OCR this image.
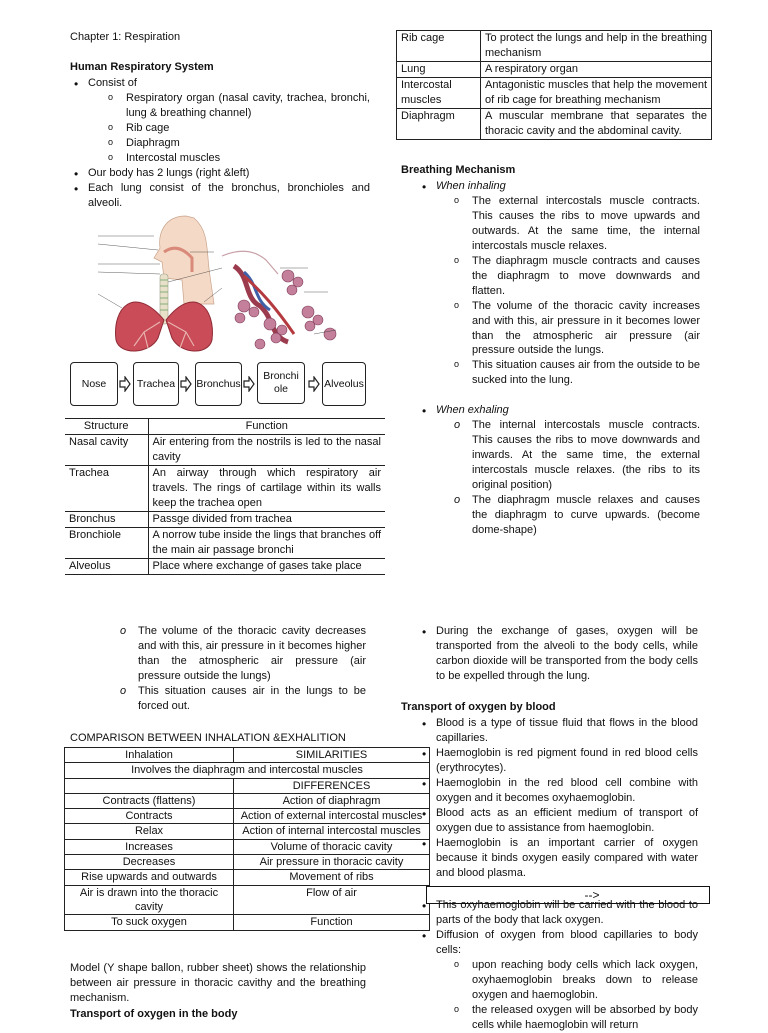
Chapter 1: Respiration
Human Respiratory System
• Consist of
o Respiratory organ (nasal cavity, trachea, bronchi, lung & breathing channel)
o Rib cage
o Diaphragm
o Intercostal muscles
• Our body has 2 lungs (right &left)
• Each lung consist of the bronchus, bronchioles and alveoli.
Nose	Trachea	Bronchus
Bronchiole	Alveolus
Structure	Function
Nasal cavity	Air entering from the nostrils is led to the nasal cavity
Trachea	An airway through which respiratory air travels. The rings of cartilage within its walls keep the trachea open
Bronchus	Passge divided from trachea
Bronchiole	A norrow tube inside the lings that branches off the main air passage bronchi
Alveolus	Place where exchange of gases take place
Rib cage	To protect the lungs and help in the breathing mechanism
Lung	A respiratory organ
Intercostal muscles	Antagonistic muscles that help the movement of rib cage for breathing mechanism
Diaphragm	A muscular membrane that separates the thoracic cavity and the abdominal cavity.
Breathing Mechanism
• When inhaling
o The external intercostals muscle contracts. This causes the ribs to move upwards and outwards. At the same time, the internal intercostals muscle relaxes.
o The diaphragm muscle contracts and causes the diaphragm to move downwards and flatten.
o The volume of the thoracic cavity increases and with this, air pressure in it becomes lower than the atmospheric air pressure (air pressure outside the lungs.
o This situation causes air from the outside to be sucked into the lung.
• When exhaling
o The internal intercostals muscle contracts. This causes the ribs to move downwards and inwards. At the same time, the external intercostals muscle relaxes. (the ribs to its original position)
o The diaphragm muscle relaxes and causes the diaphragm to curve upwards. (become dome-shape)
o The volume of the thoracic cavity decreases and with this, air pressure in it becomes higher than the atmospheric air pressure (air pressure outside the lungs)
o This situation causes air in the lungs to be forced out.
COMPARISON BETWEEN INHALATION &EXHALITION
Inhalation	SIMILARITIES
Involves the diaphragm and intercostal muscles	
	DIFFERENCES
Contracts (flattens)	Action of diaphragm
Contracts	Action of external intercostal muscles
Relax	Action of internal intercostal muscles
Increases	Volume of thoracic cavity
Decreases	Air pressure in thoracic cavity
Rise upwards and outwards	Movement of ribs
Air is drawn into the thoracic cavity	Flow of air
To suck oxygen	Function
Model (Y shape ballon, rubber sheet) shows the relationship between air pressure in thoracic cavithy and the breathing mechanism.
Transport of oxygen in the body
• During the exchange of gases, oxygen will be transported from the alveoli to the body cells, while carbon dioxide will be transported from the body cells to be expelled through the lung.
Transport of oxygen by blood
• Blood is a type of tissue fluid that flows in the blood capillaries.
• Haemoglobin is red pigment found in red blood cells (erythrocytes).
• Haemoglobin in the red blood cell combine with oxygen and it becomes oxyhaemoglobin.
• Blood acts as an efficient medium of transport of oxygen due to assistance from haemoglobin.
• Haemoglobin is an important carrier of oxygen because it binds oxygen easily compared with water and blood plasma.
-->
• This oxyhaemoglobin will be carried with the blood to parts of the body that lack oxygen.
• Diffusion of oxygen from blood capillaries to body cells:
o upon reaching body cells which lack oxygen, oxyhaemoglobin breaks down to release oxygen and haemoglobin.
o the released oxygen will be absorbed by body cells while haemoglobin will return
